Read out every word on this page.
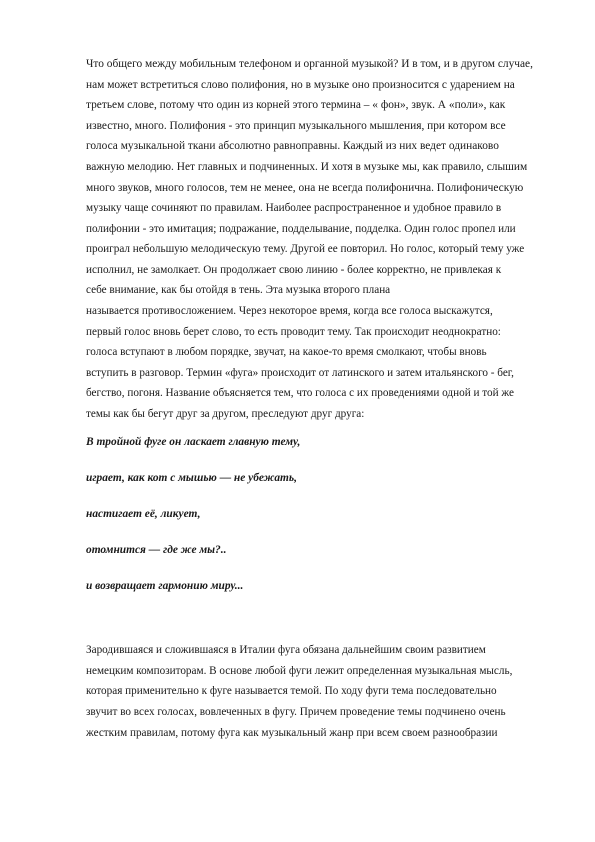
Что общего между мобильным телефоном и органной музыкой? И в том, и в другом случае,
нам может встретиться слово полифония, но в музыке оно произносится с ударением на
третьем слове, потому что один из корней этого термина – « фон», звук. А «поли», как
известно, много. Полифония - это принцип музыкального мышления, при котором все
голоса музыкальной ткани абсолютно равноправны. Каждый из них ведет одинаково
важную мелодию. Нет главных и подчиненных. И хотя в музыке мы, как правило, слышим
много звуков, много голосов, тем не менее, она не всегда полифонична. Полифоническую
музыку чаще сочиняют по правилам. Наиболее распространенное и удобное правило в
полифонии - это имитация; подражание, подделывание, подделка. Один голос пропел или
проиграл небольшую мелодическую тему. Другой ее повторил. Но голос, который тему уже
исполнил, не замолкает. Он продолжает свою линию - более корректно, не привлекая к
себе внимание, как бы отойдя в тень. Эта музыка второго плана
называется противосложением. Через некоторое время, когда все голоса выскажутся,
первый голос вновь берет слово, то есть проводит тему. Так происходит неоднократно:
голоса вступают в любом порядке, звучат, на какое-то время смолкают, чтобы вновь
вступить в разговор. Термин «фуга» происходит от латинского и затем итальянского - бег,
бегство, погоня. Название объясняется тем, что голоса с их проведениями одной и той же
темы как бы бегут друг за другом, преследуют друг друга:
В тройной фуге он ласкает главную тему,
играет, как кот с мышью — не убежать,
настигает её, ликует,
отомнится — где же мы?..
и возвращает гармонию миру...
Зародившаяся и сложившаяся в Италии фуга обязана дальнейшим своим развитием
немецким композиторам. В основе любой фуги лежит определенная музыкальная мысль,
которая применительно к фуге называется темой. По ходу фуги тема последовательно
звучит во всех голосах, вовлеченных в фугу. Причем проведение темы подчинено очень
жестким правилам, потому фуга как музыкальный жанр при всем своем разнообразии
